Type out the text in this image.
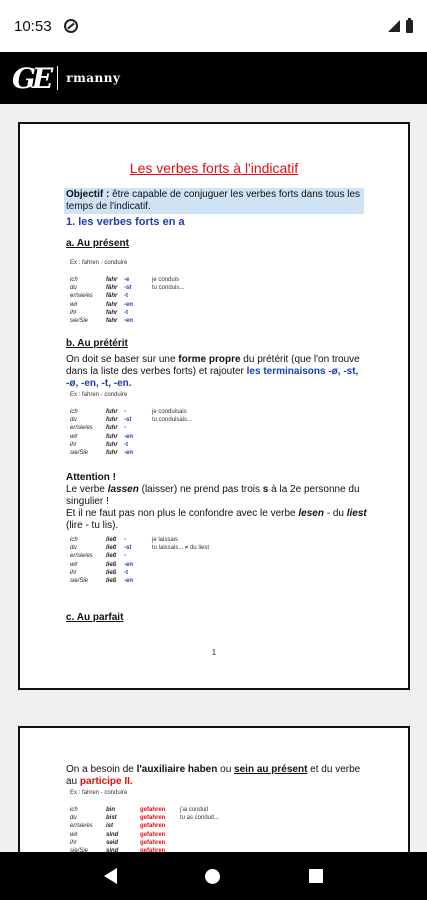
10:53
GE rmanny
Les verbes forts à l'indicatif
Objectif : être capable de conjuguer les verbes forts dans tous les temps de l'indicatif.
1. les verbes forts en a
a. Au présent
Ex : fahren - conduire
ich	fahr	-e	je conduis
du	fähr	-st	tu conduis...
er/sie/es	fähr	-t
wir	fahr	-en
ihr	fahr	-t
sie/Sie	fahr	-en
b. Au prétérit
On doit se baser sur une forme propre du prétérit (que l'on trouve dans la liste des verbes forts) et rajouter les terminaisons -ø, -st, -ø, -en, -t, -en.
Ex : fahren - conduire
ich	fuhr	-	je conduisais
du	fuhr	-st	tu conduisais...
er/sie/es	fuhr	-
wir	fuhr	-en
ihr	fuhr	-t
sie/Sie	fuhr	-en
Attention !
Le verbe lassen (laisser) ne prend pas trois s à la 2e personne du singulier !
Et il ne faut pas non plus le confondre avec le verbe lesen - du liest (lire - tu lis).
ich	ließ	-	je laissais
du	ließ	-st	tu laissais... ≠ du liest
er/sie/es	ließ	-
wir	ließ	-en
ihr	ließ	-t
sie/Sie	ließ	-en
c. Au parfait
1
On a besoin de l'auxiliaire haben ou sein au présent et du verbe au participe II.
Ex : fahren - conduire
ich	bin	gefahren	j'ai conduit
du	bist	gefahren	tu as conduit...
er/sie/es	ist	gefahren
wir	sind	gefahren
ihr	seid	gefahren
sie/Sie	sind	gefahren
